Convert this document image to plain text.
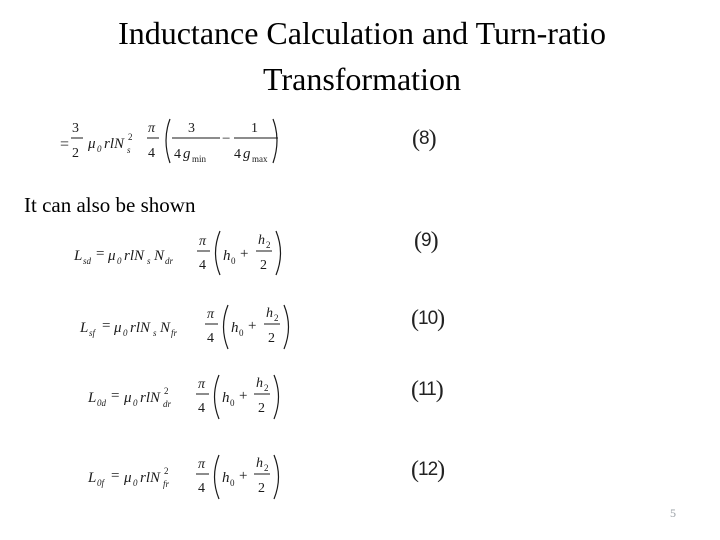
Inductance Calculation and Turn-ratio
Transformation
=
3
2
μ 0 rlN s
2
π
4
3
4 g min
−
1
4 g max
(8)
It can also be shown
L sd = μ 0 rlN s N dr
π
4
h 0 +
h 2
2
(9)
L sf = μ 0 rlN s N fr
π
4
h 0 +
h 2
2
(10)
L 0d = μ 0 rlN dr
2 π
4
h 0 +
h 2
2
(11)
L 0f = μ 0 rlN fr
2 π
4
h 0 +
h 2
2
(12)
5
